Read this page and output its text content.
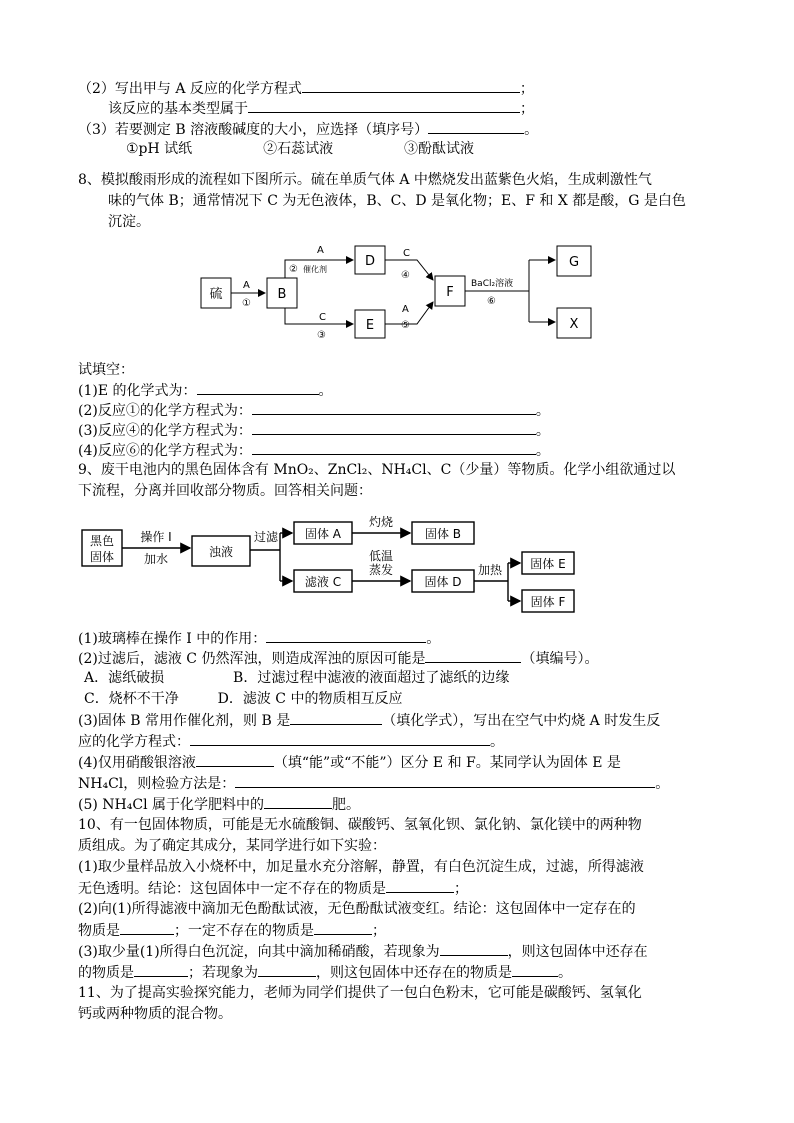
（2）写出甲与 A 反应的化学方程式	；
该反应的基本类型属于	；
（3）若要测定 B 溶液酸碱度的大小，应选择（填序号）	。
①pH 试纸	②石蕊试液	③酚酞试液
8、模拟酸雨形成的流程如下图所示。硫在单质气体 A 中燃烧发出蓝紫色火焰，生成刺激性气
味的气体 B；通常情况下 C 为无色液体，B、C、D 是氧化物；E、F 和 X 都是酸，G 是白色
沉淀。
硫	B
D
E
F
G
X
A
①
A
② 催化剂
C
③
C
④
A
⑤
BaCl₂溶液
⑥
试填空：
(1)E 的化学式为：	。
(2)反应①的化学方程式为：	。
(3)反应④的化学方程式为：	。
(4)反应⑥的化学方程式为：	。
9、废干电池内的黑色固体含有 MnO₂、ZnCl₂、NH₄Cl、C（少量）等物质。化学小组欲通过以
下流程，分离并回收部分物质。回答相关问题：
黑色
固体
操作 I
加水	浊液
过滤 固体 A
灼烧
固体 B
滤液 C
低温
蒸发
固体 D
加热 固体 E
固体 F
(1)玻璃棒在操作 I 中的作用：	。
(2)过滤后，滤液 C 仍然浑浊，则造成浑浊的原因可能是	（填编号）。
A．滤纸破损	B．过滤过程中滤液的液面超过了滤纸的边缘
C．烧杯不干净	D．滤波 C 中的物质相互反应
(3)固体 B 常用作催化剂，则 B 是	（填化学式），写出在空气中灼烧 A 时发生反
应的化学方程式：	。
(4)仅用硝酸银溶液	（填“能”或“不能”）区分 E 和 F。某同学认为固体 E 是
NH₄Cl，则检验方法是：	。
(5) NH₄Cl 属于化学肥料中的	肥。
10、有一包固体物质，可能是无水硫酸铜、碳酸钙、氢氧化钡、氯化钠、氯化镁中的两种物
质组成。为了确定其成分，某同学进行如下实验：
(1)取少量样品放入小烧杯中，加足量水充分溶解，静置，有白色沉淀生成，过滤，所得滤液
无色透明。结论：这包固体中一定不存在的物质是	；
(2)向(1)所得滤液中滴加无色酚酞试液，无色酚酞试液变红。结论：这包固体中一定存在的
物质是	；一定不存在的物质是	；
(3)取少量(1)所得白色沉淀，向其中滴加稀硝酸，若现象为	，则这包固体中还存在
的物质是	；若现象为	，则这包固体中还存在的物质是	。
11、为了提高实验探究能力，老师为同学们提供了一包白色粉末，它可能是碳酸钙、氢氧化
钙或两种物质的混合物。
